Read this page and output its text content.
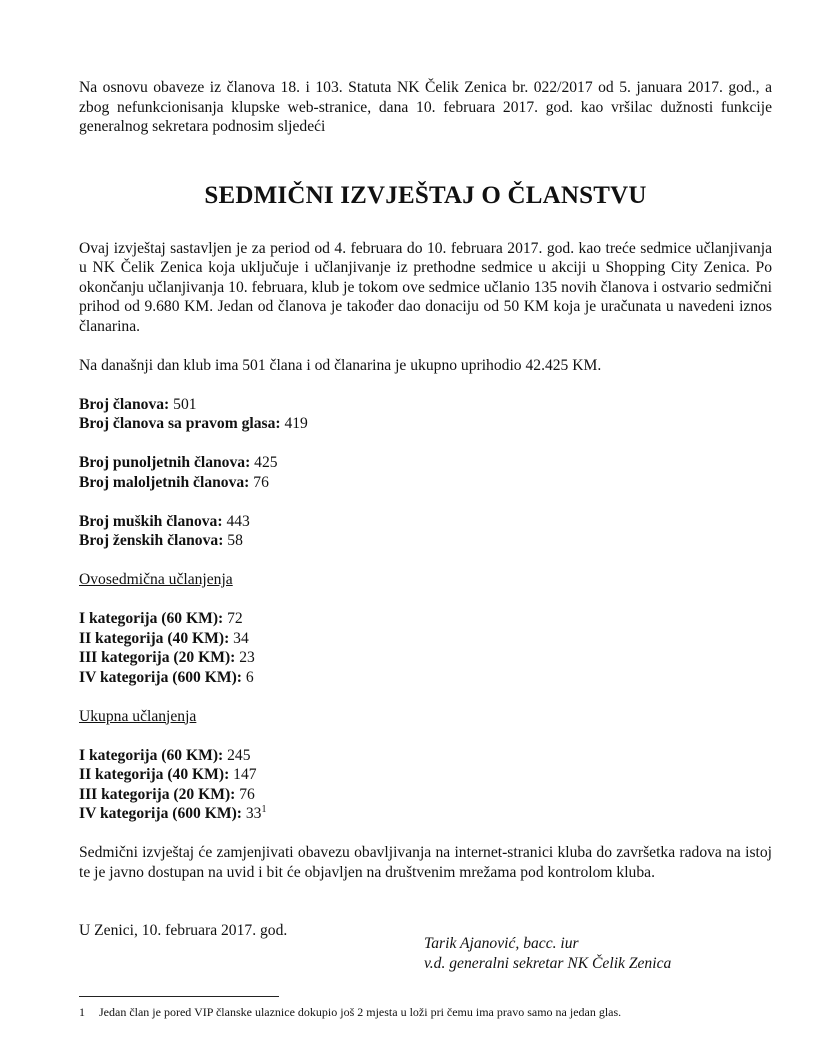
Na osnovu obaveze iz članova 18. i 103. Statuta NK Čelik Zenica br. 022/2017 od 5. januara 2017. god., a zbog nefunkcionisanja klupske web-stranice, dana 10. februara 2017. god. kao vršilac dužnosti funkcije generalnog sekretara podnosim sljedeći

SEDMIČNI IZVJEŠTAJ O ČLANSTVU

Ovaj izvještaj sastavljen je za period od 4. februara do 10. februara 2017. god. kao treće sedmice učlanjivanja u NK Čelik Zenica koja uključuje i učlanjivanje iz prethodne sedmice u akciji u Shopping City Zenica. Po okončanju učlanjivanja 10. februara, klub je tokom ove sedmice učlanio 135 novih članova i ostvario sedmični prihod od 9.680 KM. Jedan od članova je također dao donaciju od 50 KM koja je uračunata u navedeni iznos članarina.

Na današnji dan klub ima 501 člana i od članarina je ukupno uprihodio 42.425 KM.

Broj članova: 501

Broj članova sa pravom glasa: 419

Broj punoljetnih članova: 425

Broj maloljetnih članova: 76

Broj muških članova: 443

Broj ženskih članova: 58

Ovosedmična učlanjenja

I kategorija (60 KM): 72

II kategorija (40 KM): 34

III kategorija (20 KM): 23

IV kategorija (600 KM): 6

Ukupna učlanjenja

I kategorija (60 KM): 245

II kategorija (40 KM): 147

III kategorija (20 KM): 76

IV kategorija (600 KM): $33^1$

Sedmični izvještaj će zamjenjivati obavezu obavljivanja na internet-stranici kluba do završetka radova na istoj te je javno dostupan na uvid i bit će objavljen na društvenim mrežama pod kontrolom kluba.

U Zenici, 10. februara 2017. god.

Tarik Ajanović, bacc. iur
v.d. generalni sekretar NK Čelik Zenica
1 Jedan član je pored VIP članske ulaznice dokupio još 2 mjesta u loži pri čemu ima pravo samo na jedan glas.
